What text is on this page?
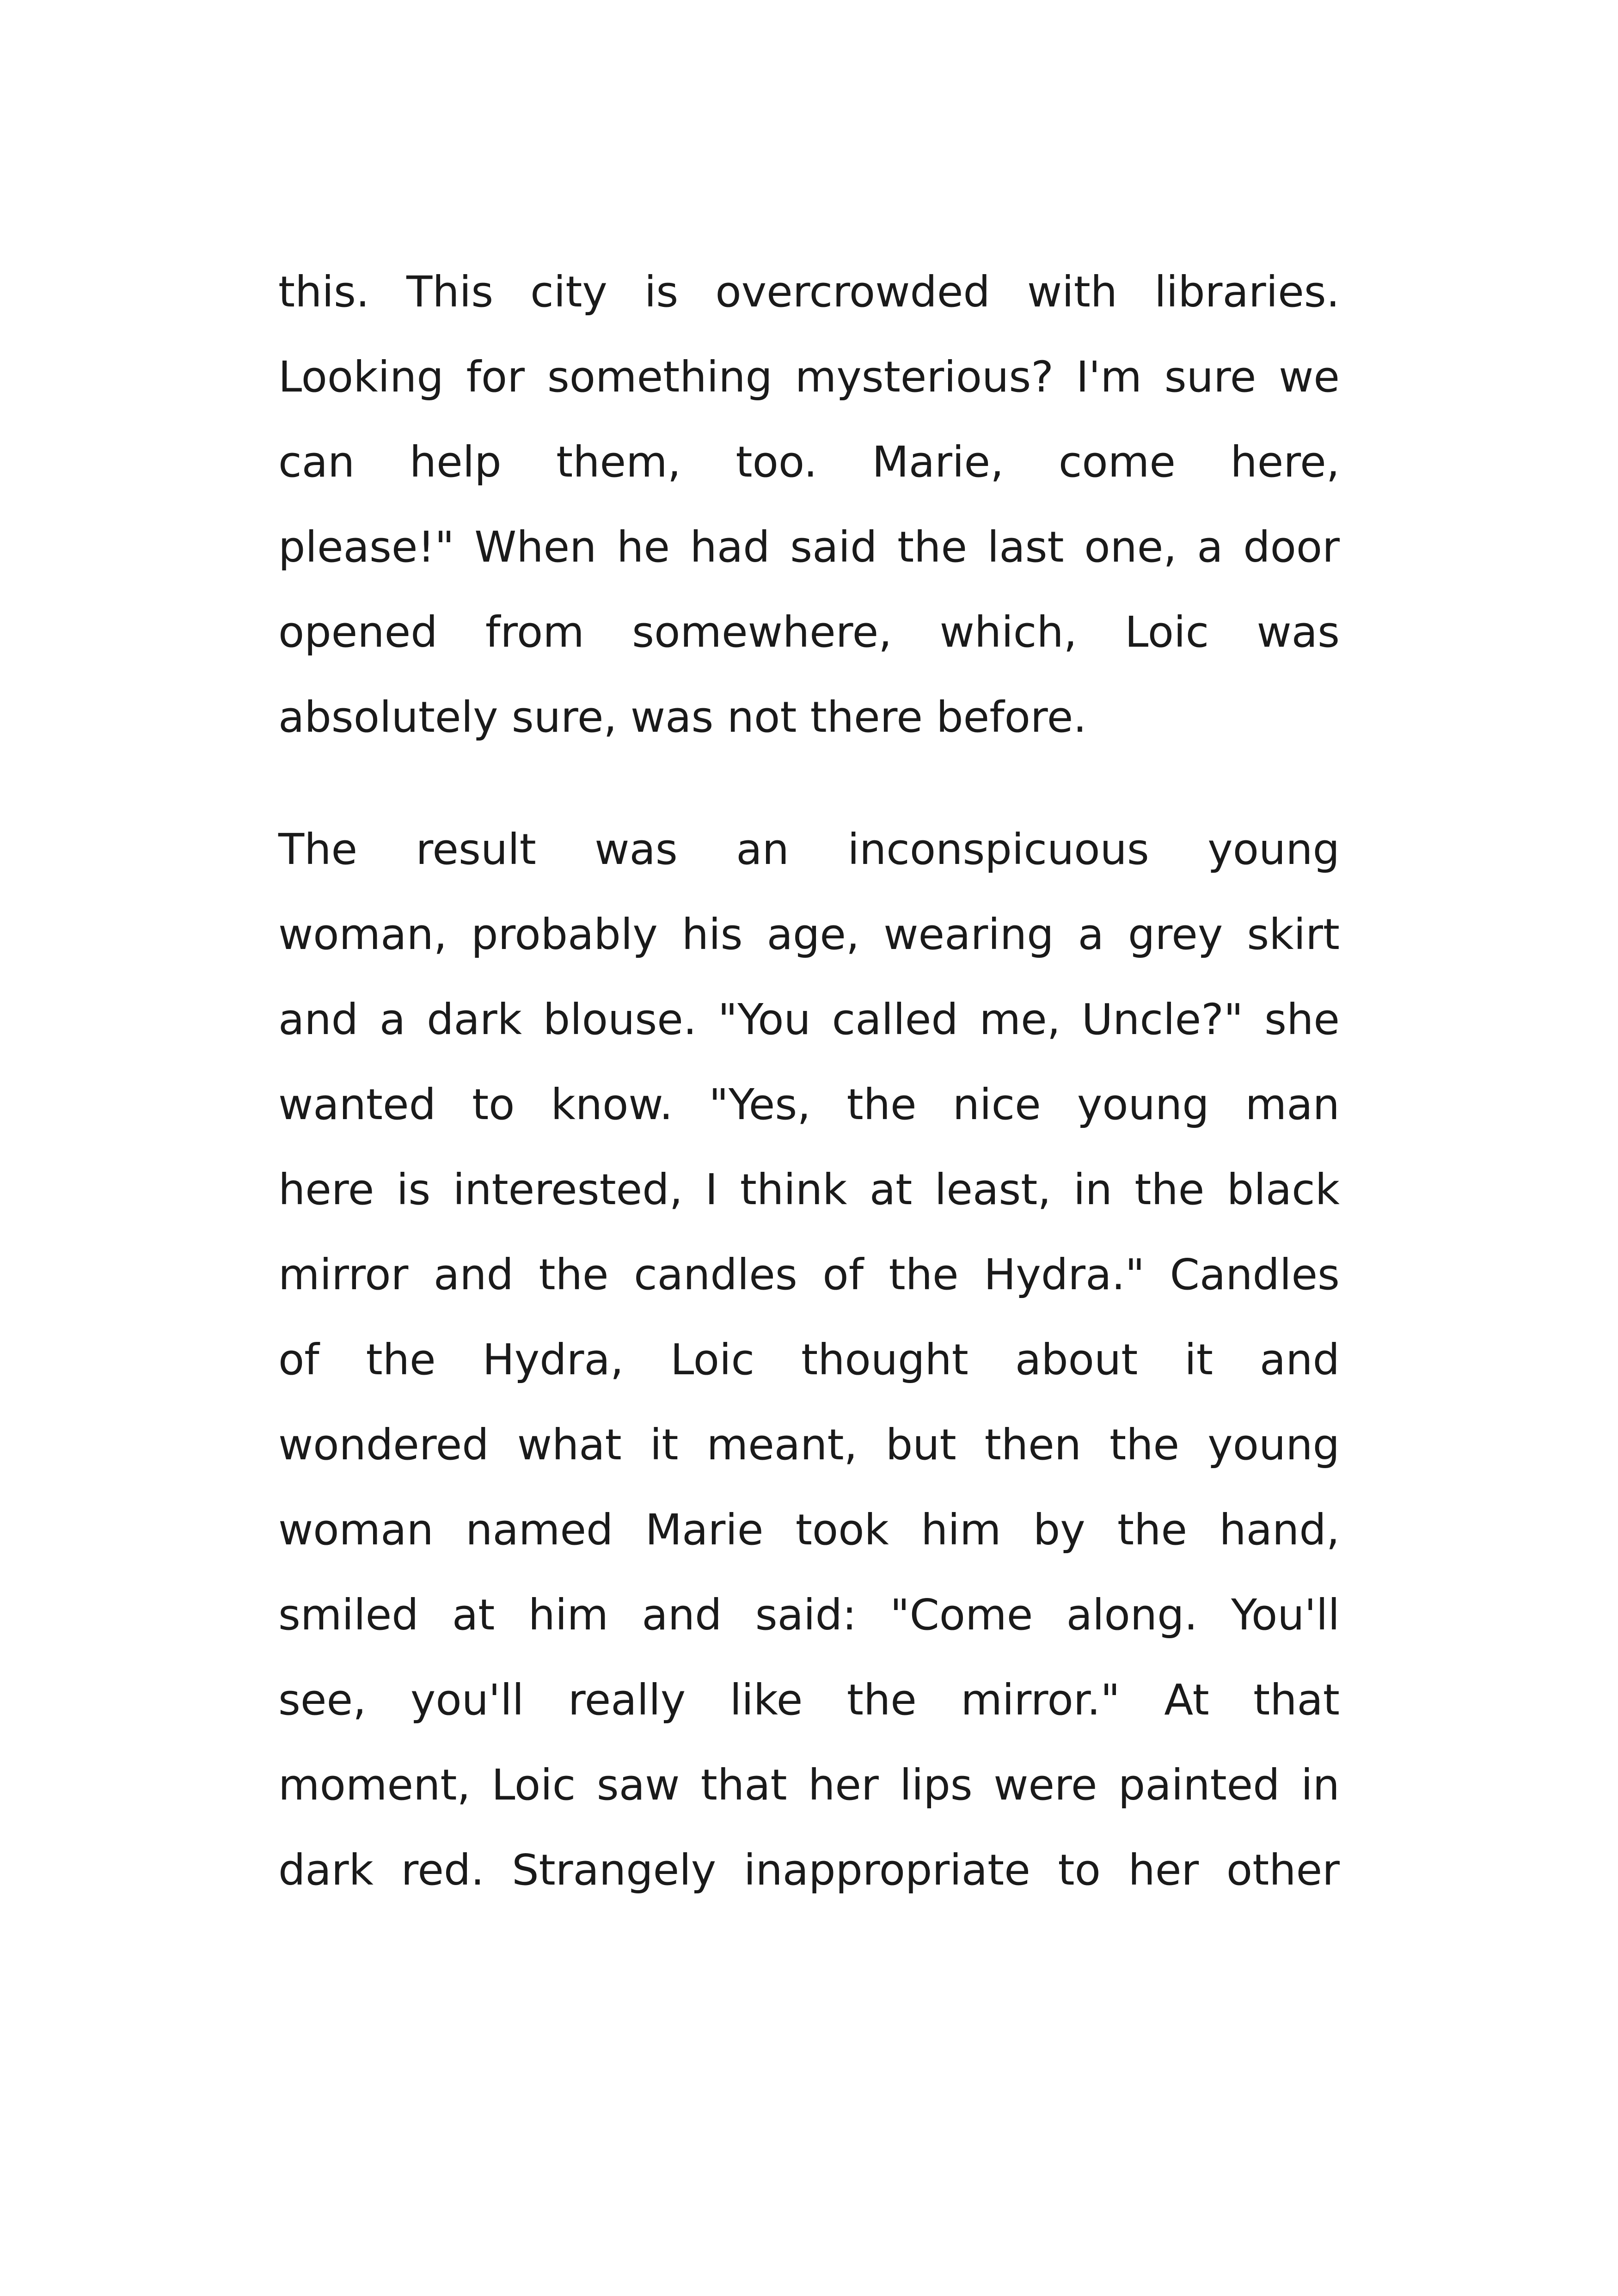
this. This city is overcrowded with libraries.
Looking for something mysterious? I'm sure we
can help them, too. Marie, come here,
please!" When he had said the last one, a door
opened from somewhere, which, Loic was
absolutely sure, was not there before.
The result was an inconspicuous young
woman, probably his age, wearing a grey skirt
and a dark blouse. "You called me, Uncle?" she
wanted to know. "Yes, the nice young man
here is interested, I think at least, in the black
mirror and the candles of the Hydra." Candles
of the Hydra, Loic thought about it and
wondered what it meant, but then the young
woman named Marie took him by the hand,
smiled at him and said: "Come along. You'll
see, you'll really like the mirror." At that
moment, Loic saw that her lips were painted in
dark red. Strangely inappropriate to her other
